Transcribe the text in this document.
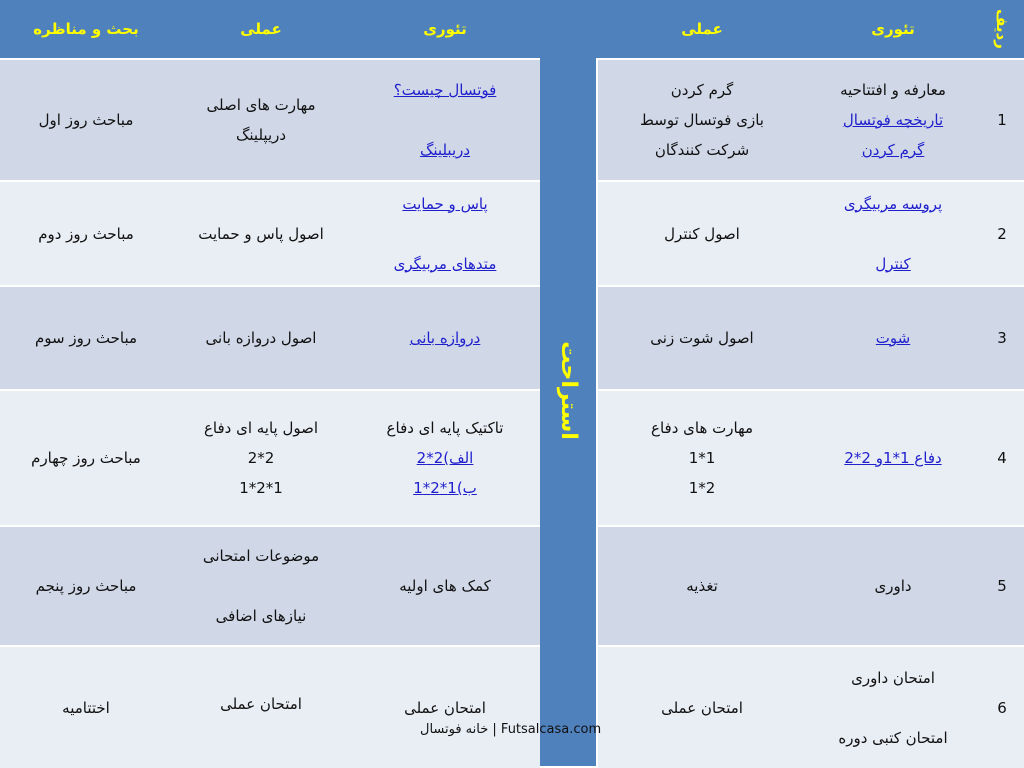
ردیف
تئوری
عملی
تئوری
عملی
بحث و مناظره
1
معارفه و افتتاحیه
تاریخچه فوتسال
گرم کردن
گرم کردن
بازی فوتسال توسط
شرکت کنندگان
فوتسال چیست؟
دریبلینگ
مهارت های اصلی
دریپلینگ
مباحث روز اول
2
پروسه مربیگری
کنترل
اصول کنترل
پاس و حمایت
متدهای مربیگری
اصول پاس و حمایت
مباحث روز دوم
3
شوت
اصول شوت زنی
دروازه بانی
اصول دروازه بانی
مباحث روز سوم
4
دفاع 1*1و 2*2
مهارت های دفاع
1*1
2*1
تاکتیک پایه ای دفاع
الف)2*2
ب)1*2*1
اصول پایه ای دفاع
2*2
1*2*1
مباحث روز چهارم
5
داوری
تغذیه
کمک های اولیه
موضوعات امتحانی
نیازهای اضافی
مباحث روز پنجم
6
امتحان داوری
امتحان کتبی دوره
امتحان عملی
امتحان عملی
امتحان عملی
اختتامیه
استراحت
خانه فوتسال | Futsalcasa.com
